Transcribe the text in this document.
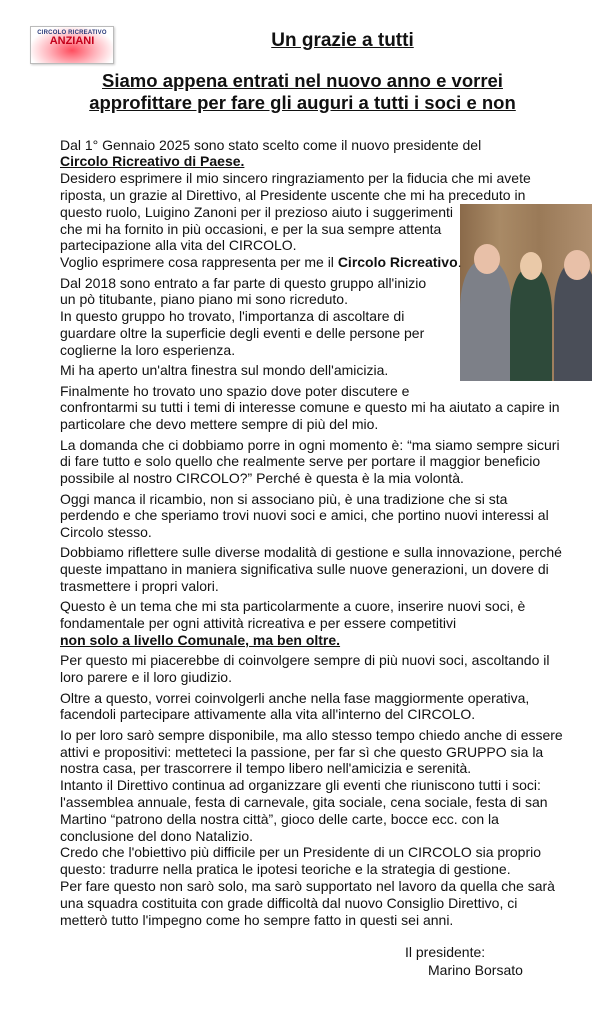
CIRCOLO RICREATIVO
ANZIANI	Un grazie a tutti
Siamo appena entrati nel nuovo anno e vorrei
approfittare per fare gli auguri a tutti i soci e non
Dal 1° Gennaio 2025 sono stato scelto come il nuovo presidente del
Circolo Ricreativo di Paese.
Desidero esprimere il mio sincero ringraziamento per la fiducia che mi avete
riposta, un grazie al Direttivo, al Presidente uscente che mi ha preceduto in
questo ruolo, Luigino Zanoni per il prezioso aiuto i suggerimenti
che mi ha fornito in più occasioni, e per la sua sempre attenta
partecipazione alla vita del CIRCOLO.
Voglio esprimere cosa rappresenta per me il Circolo Ricreativo.
Dal 2018 sono entrato a far parte di questo gruppo all'inizio
un pò titubante, piano piano mi sono ricreduto.
In questo gruppo ho trovato, l'importanza di ascoltare di
guardare oltre la superficie degli eventi e delle persone per
coglierne la loro esperienza.
Mi ha aperto un'altra finestra sul mondo dell'amicizia.
Finalmente ho trovato uno spazio dove poter discutere e
confrontarmi su tutti i temi di interesse comune e questo mi ha aiutato a capire in
particolare che devo mettere sempre di più del mio.
La domanda che ci dobbiamo porre in ogni momento è: “ma siamo sempre sicuri
di fare tutto e solo quello che realmente serve per portare il maggior beneficio
possibile al nostro CIRCOLO?” Perché è questa è la mia volontà.
Oggi manca il ricambio, non si associano più, è una tradizione che si sta
perdendo e che speriamo trovi nuovi soci e amici, che portino nuovi interessi al
Circolo stesso.
Dobbiamo riflettere sulle diverse modalità di gestione e sulla innovazione, perché
queste impattano in maniera significativa sulle nuove generazioni, un dovere di
trasmettere i propri valori.
Questo è un tema che mi sta particolarmente a cuore, inserire nuovi soci, è
fondamentale per ogni attività ricreativa e per essere competitivi
non solo a livello Comunale, ma ben oltre.
Per questo mi piacerebbe di coinvolgere sempre di più nuovi soci, ascoltando il
loro parere e il loro giudizio.
Oltre a questo, vorrei coinvolgerli anche nella fase maggiormente operativa,
facendoli partecipare attivamente alla vita all'interno del CIRCOLO.
Io per loro sarò sempre disponibile, ma allo stesso tempo chiedo anche di essere
attivi e propositivi: metteteci la passione, per far sì che questo GRUPPO sia la
nostra casa, per trascorrere il tempo libero nell'amicizia e serenità.
Intanto il Direttivo continua ad organizzare gli eventi che riuniscono tutti i soci:
l'assemblea annuale, festa di carnevale, gita sociale, cena sociale, festa di san
Martino “patrono della nostra città”, gioco delle carte, bocce ecc. con la
conclusione del dono Natalizio.
Credo che l'obiettivo più difficile per un Presidente di un CIRCOLO sia proprio
questo: tradurre nella pratica le ipotesi teoriche e la strategia di gestione.
Per fare questo non sarò solo, ma sarò supportato nel lavoro da quella che sarà
una squadra costituita con grade difficoltà dal nuovo Consiglio Direttivo, ci
metterò tutto l'impegno come ho sempre fatto in questi sei anni.
Il presidente:
Marino Borsato
